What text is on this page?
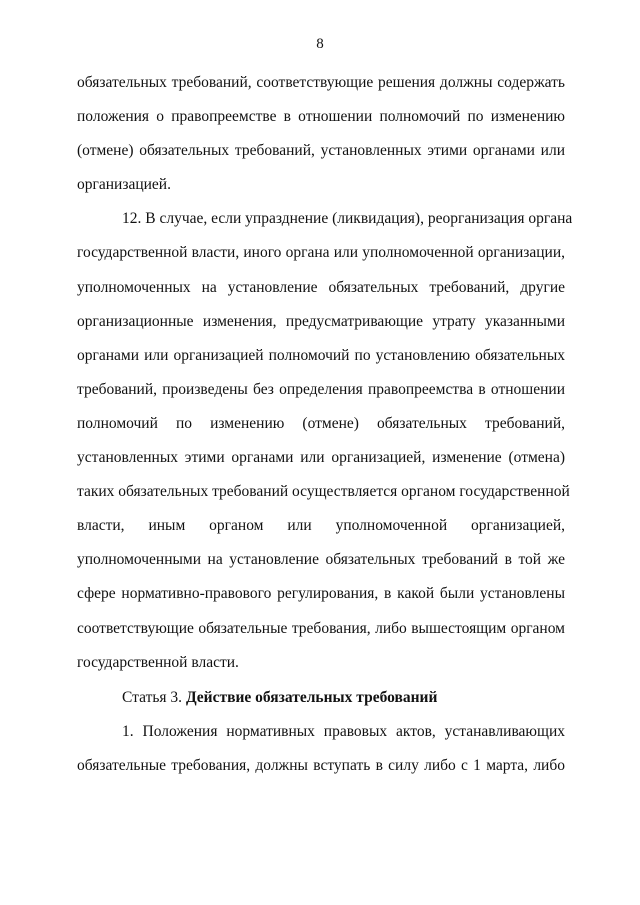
8
обязательных требований, соответствующие решения должны содержать
положения о правопреемстве в отношении полномочий по изменению
(отмене) обязательных требований, установленных этими органами или
организацией.
12. В случае, если упразднение (ликвидация), реорганизация органа
государственной власти, иного органа или уполномоченной организации,
уполномоченных на установление обязательных требований, другие
организационные изменения, предусматривающие утрату указанными
органами или организацией полномочий по установлению обязательных
требований, произведены без определения правопреемства в отношении
полномочий по изменению (отмене) обязательных требований,
установленных этими органами или организацией, изменение (отмена)
таких обязательных требований осуществляется органом государственной
власти, иным органом или уполномоченной организацией,
уполномоченными на установление обязательных требований в той же
сфере нормативно-правового регулирования, в какой были установлены
соответствующие обязательные требования, либо вышестоящим органом
государственной власти.
Статья 3. Действие обязательных требований
1. Положения нормативных правовых актов, устанавливающих
обязательные требования, должны вступать в силу либо с 1 марта, либо
